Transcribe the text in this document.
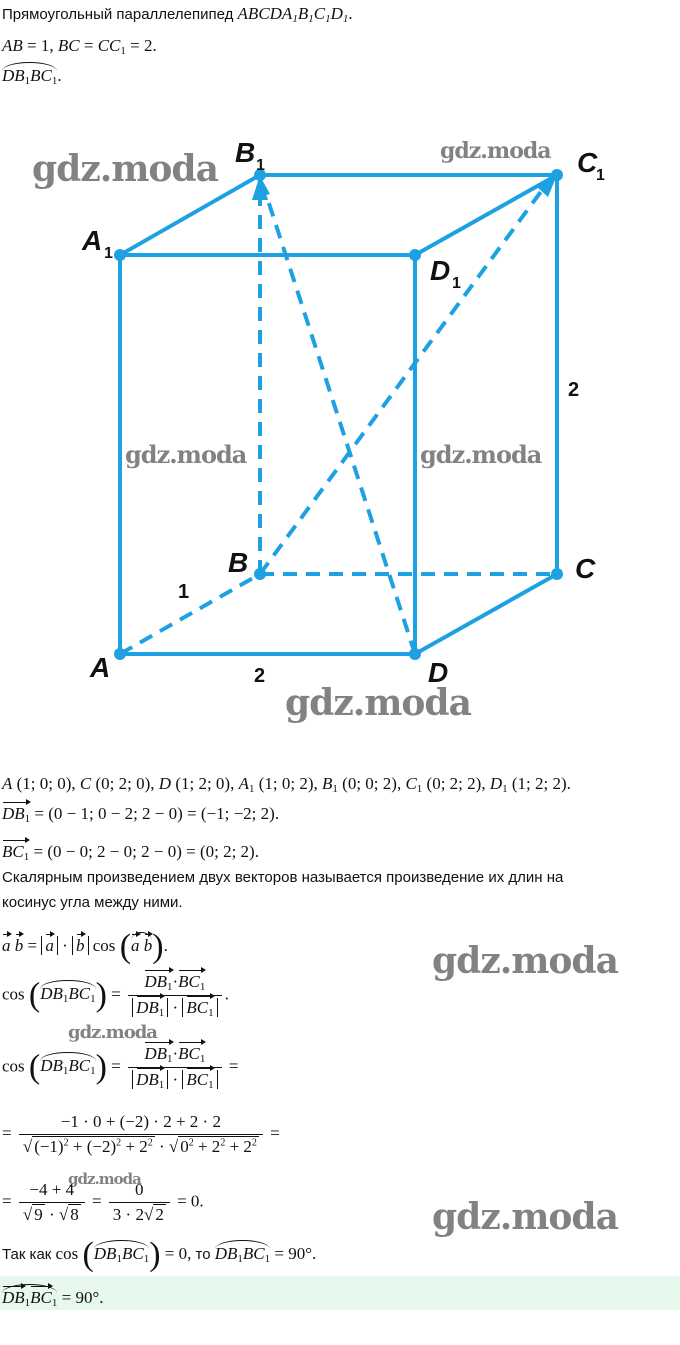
Прямоугольный параллелепипед $ABCDA_1B_1C_1D_1$.
AB = 1, BC = $CC_1 = 2$.
$DB_1BC_1$.
A 1
B 1	C
1
D 1
A
B	C
D
1
2
2
gdz.moda	gdz.moda
gdz.moda	gdz.moda
gdz.moda
gdz.moda
gdz.moda
gdz.moda
gdz.moda
A (1; 0; 0), C (0; 2; 0), D (1; 2; 0), $A_1$ (1; 0; 2), $B_1$ (0; 0; 2), $C_1$ (0; 2; 2), $D_1$ (1; 2; 2).
$DB_1 = (0 - 1$; 0 − 2; 2 − 0) = (−1; −2; 2).
$BC_1 = (0 - 0$; 2 − 0; 2 − 0) = (0; 2; 2).
Скалярным произведением двух векторов называется произведение их длин на
косинус угла между ними.
a b = a · b cos (a b).
$\cos (DB_1BC_1) = \frac{DB_1\cdot BC_1}{DB_1 \cdot BC_1}$ .
$\cos (DB_1BC_1) = \frac{DB_1\cdot BC_1}{DB_1 \cdot BC_1}$ =
= $\frac{-1 \cdot 0 + (-2) \cdot 2 + 2 \cdot 2}{√ (-1)^2 + (-2)^2 + 2^2 \cdot √ 0^2 + 2^2 + 2^2}$ =
= $\frac{-4 + 4}{√ 9 \cdot √ 8} = \frac{0}{3 \cdot 2√ 2} = 0$.
Так как $\cos (DB_1BC_1) = 0$, то $DB_1BC_1 = 90^\circ$.
$DB_1BC_1 = 90^\circ$.
